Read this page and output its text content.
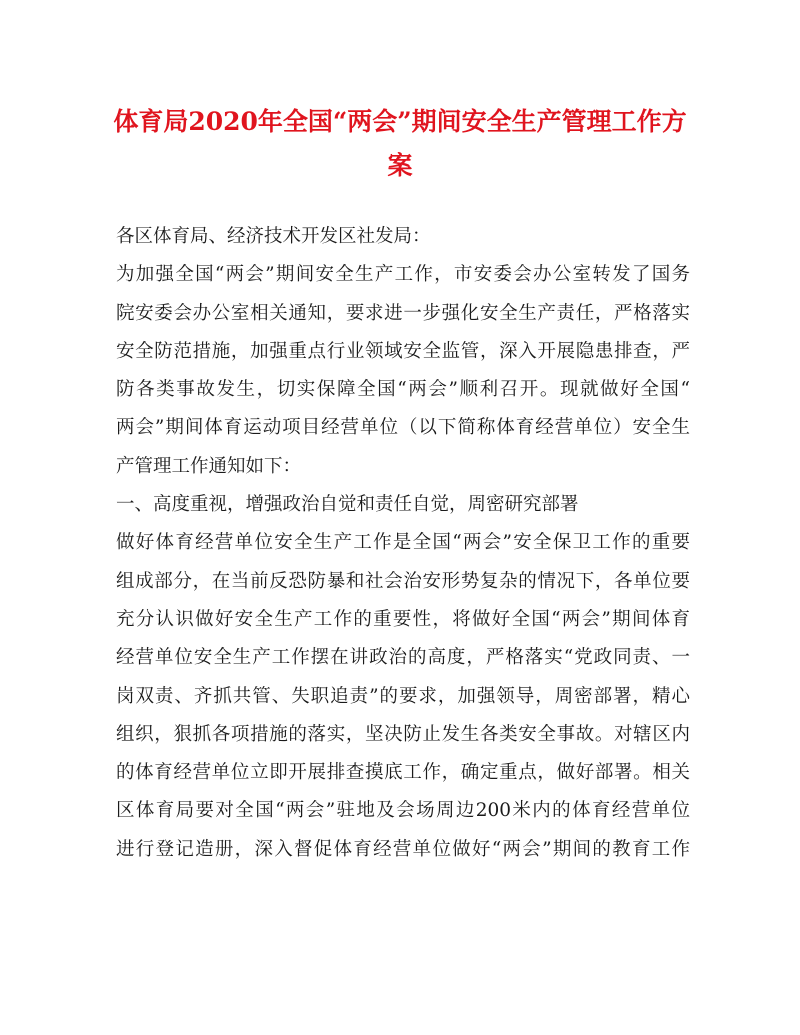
体育局2020年全国“两会”期间安全生产管理工作方
案
各区体育局、经济技术开发区社发局：
为加强全国“两会”期间安全生产工作，市安委会办公室转发了国务
院安委会办公室相关通知，要求进一步强化安全生产责任，严格落实
安全防范措施，加强重点行业领域安全监管，深入开展隐患排查，严
防各类事故发生，切实保障全国“两会”顺利召开。现就做好全国“
两会”期间体育运动项目经营单位（以下简称体育经营单位）安全生
产管理工作通知如下：
一、高度重视，增强政治自觉和责任自觉，周密研究部署
做好体育经营单位安全生产工作是全国“两会”安全保卫工作的重要
组成部分，在当前反恐防暴和社会治安形势复杂的情况下，各单位要
充分认识做好安全生产工作的重要性，将做好全国“两会”期间体育
经营单位安全生产工作摆在讲政治的高度，严格落实“党政同责、一
岗双责、齐抓共管、失职追责”的要求，加强领导，周密部署，精心
组织，狠抓各项措施的落实，坚决防止发生各类安全事故。对辖区内
的体育经营单位立即开展排查摸底工作，确定重点，做好部署。相关
区体育局要对全国“两会”驻地及会场周边200米内的体育经营单位
进行登记造册，深入督促体育经营单位做好“两会”期间的教育工作
